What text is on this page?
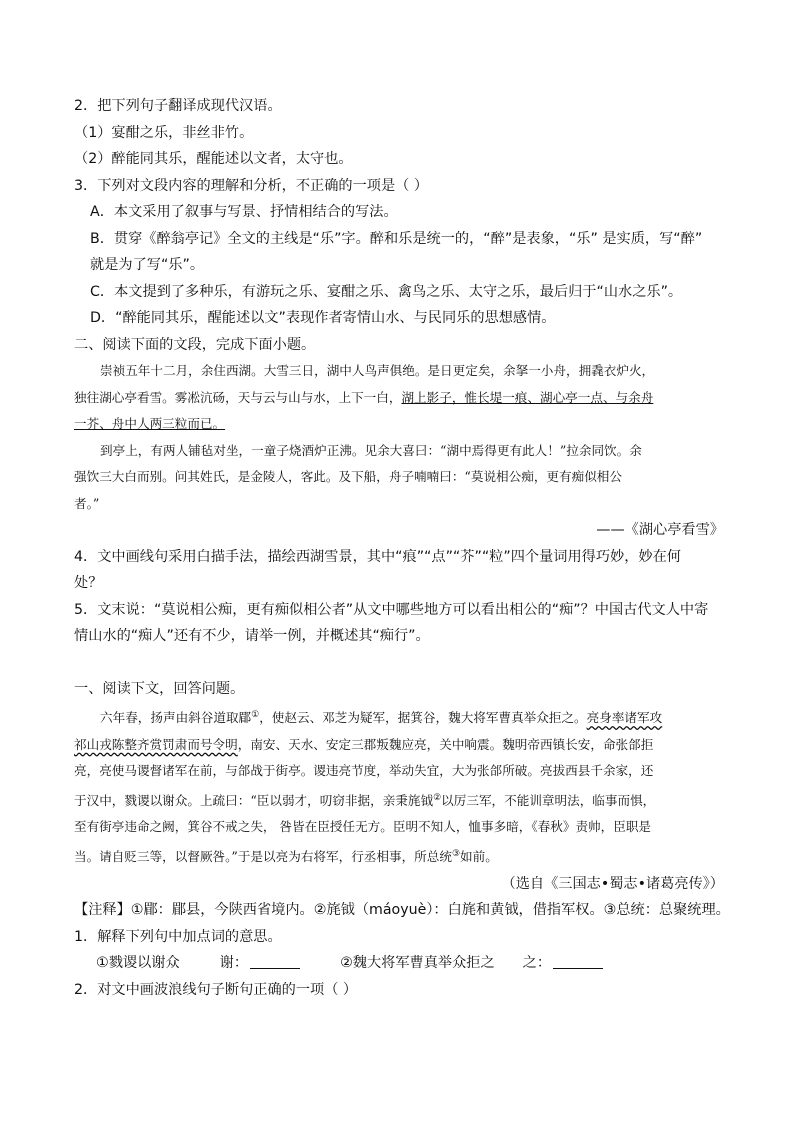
2．把下列句子翻译成现代汉语。
（1）宴酣之乐，非丝非竹。
（2）醉能同其乐，醒能述以文者，太守也。
3．下列对文段内容的理解和分析，不正确的一项是（ ）
A．本文采用了叙事与写景、抒情相结合的写法。
B．贯穿《醉翁亭记》全文的主线是“乐”字。醉和乐是统一的，“醉”是表象，“乐” 是实质，写“醉”
就是为了写“乐”。
C．本文提到了多种乐，有游玩之乐、宴酣之乐、禽鸟之乐、太守之乐，最后归于“山水之乐”。
D．“醉能同其乐，醒能述以文”表现作者寄情山水、与民同乐的思想感情。
二、阅读下面的文段，完成下面小题。
崇祯五年十二月，余住西湖。大雪三日，湖中人鸟声俱绝。是日更定矣，余拏一小舟，拥毳衣炉火，
独往湖心亭看雪。雾凇沆砀，天与云与山与水，上下一白，湖上影子，惟长堤一痕、湖心亭一点、与余舟
一芥、舟中人两三粒而已。
到亭上，有两人铺毡对坐，一童子烧酒炉正沸。见余大喜曰：“湖中焉得更有此人！”拉余同饮。余
强饮三大白而别。问其姓氏，是金陵人，客此。及下船，舟子喃喃曰：“莫说相公痴，更有痴似相公
者。”
——《湖心亭看雪》
4．文中画线句采用白描手法，描绘西湖雪景，其中“痕”“点”“芥”“粒”四个量词用得巧妙，妙在何
处？
5．文末说：“莫说相公痴，更有痴似相公者”从文中哪些地方可以看出相公的“痴”？中国古代文人中寄
情山水的“痴人”还有不少，请举一例，并概述其“痴行”。
一、阅读下文，回答问题。
六年春，扬声由斜谷道取郿①，使赵云、邓芝为疑军，据箕谷，魏大将军曹真举众拒之。亮身率诸军攻
祁山戎陈整齐赏罚肃而号令明，南安、天水、安定三郡叛魏应亮，关中响震。魏明帝西镇长安，命张郃拒
亮，亮使马谡督诸军在前，与郃战于街亭。谡违亮节度，举动失宜，大为张郃所破。亮拔西县千余家，还
于汉中，戮谡以谢众。上疏曰：“臣以弱才，叨窃非据，亲秉旄钺②以厉三军，不能训章明法，临事而惧，
至有街亭违命之阙，箕谷不戒之失， 咎皆在臣授任无方。臣明不知人，恤事多暗，《春秋》责帅，臣职是
当。请自贬三等，以督厥咎。”于是以亮为右将军，行丞相事，所总统③如前。
（选自《三国志•蜀志•诸葛亮传》）
【注释】①郿：郿县，今陕西省境内。②旄钺（máoyuè）：白旄和黄钺，借指军权。③总统：总聚统理。
1．解释下列句中加点词的意思。
①戮谡以谢众	谢：	②魏大将军曹真举众拒之 之：
2．对文中画波浪线句子断句正确的一项（ ）
